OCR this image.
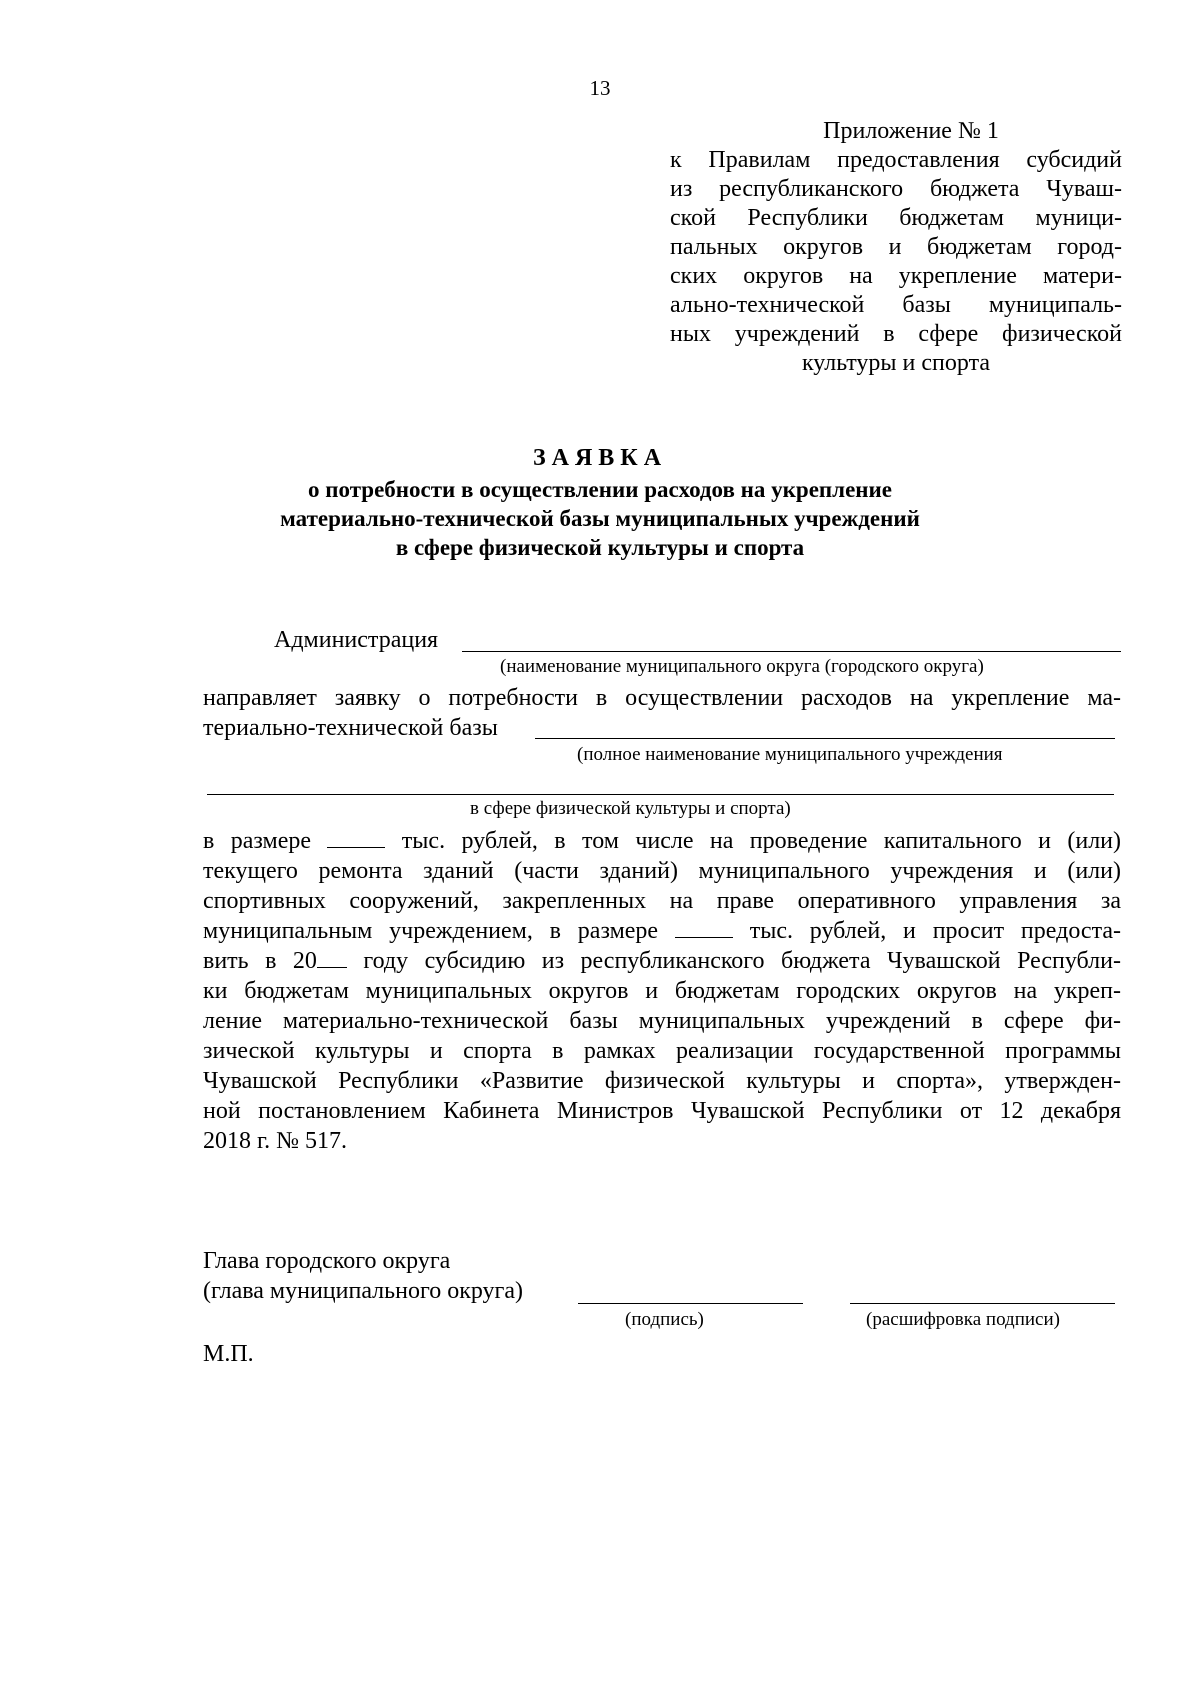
13
Приложение № 1
к Правилам предоставления субсидий
из республиканского бюджета Чуваш-
ской Республики бюджетам муници-
пальных округов и бюджетам город-
ских округов на укрепление матери-
ально-технической базы муниципаль-
ных учреждений в сфере физической
культуры и спорта
ЗАЯВКА
о потребности в осуществлении расходов на укрепление
материально-технической базы муниципальных учреждений
в сфере физической культуры и спорта
Администрация
(наименование муниципального округа (городского округа)
направляет заявку о потребности в осуществлении расходов на укрепление ма-
териально-технической базы
(полное наименование муниципального учреждения
в сфере физической культуры и спорта)
в размере	тыс. рублей, в том числе на проведение капитального и (или)
текущего ремонта зданий (части зданий) муниципального учреждения и (или)
спортивных сооружений, закрепленных на праве оперативного управления за
муниципальным учреждением, в размере	тыс. рублей, и просит предоста-
вить в 20 году субсидию из республиканского бюджета Чувашской Республи-
ки бюджетам муниципальных округов и бюджетам городских округов на укреп-
ление материально-технической базы муниципальных учреждений в сфере фи-
зической культуры и спорта в рамках реализации государственной программы
Чувашской Республики «Развитие физической культуры и спорта», утвержден-
ной постановлением Кабинета Министров Чувашской Республики от 12 декабря
2018 г. № 517.
Глава городского округа
(глава муниципального округа)
(подпись)	(расшифровка подписи)
М.П.
